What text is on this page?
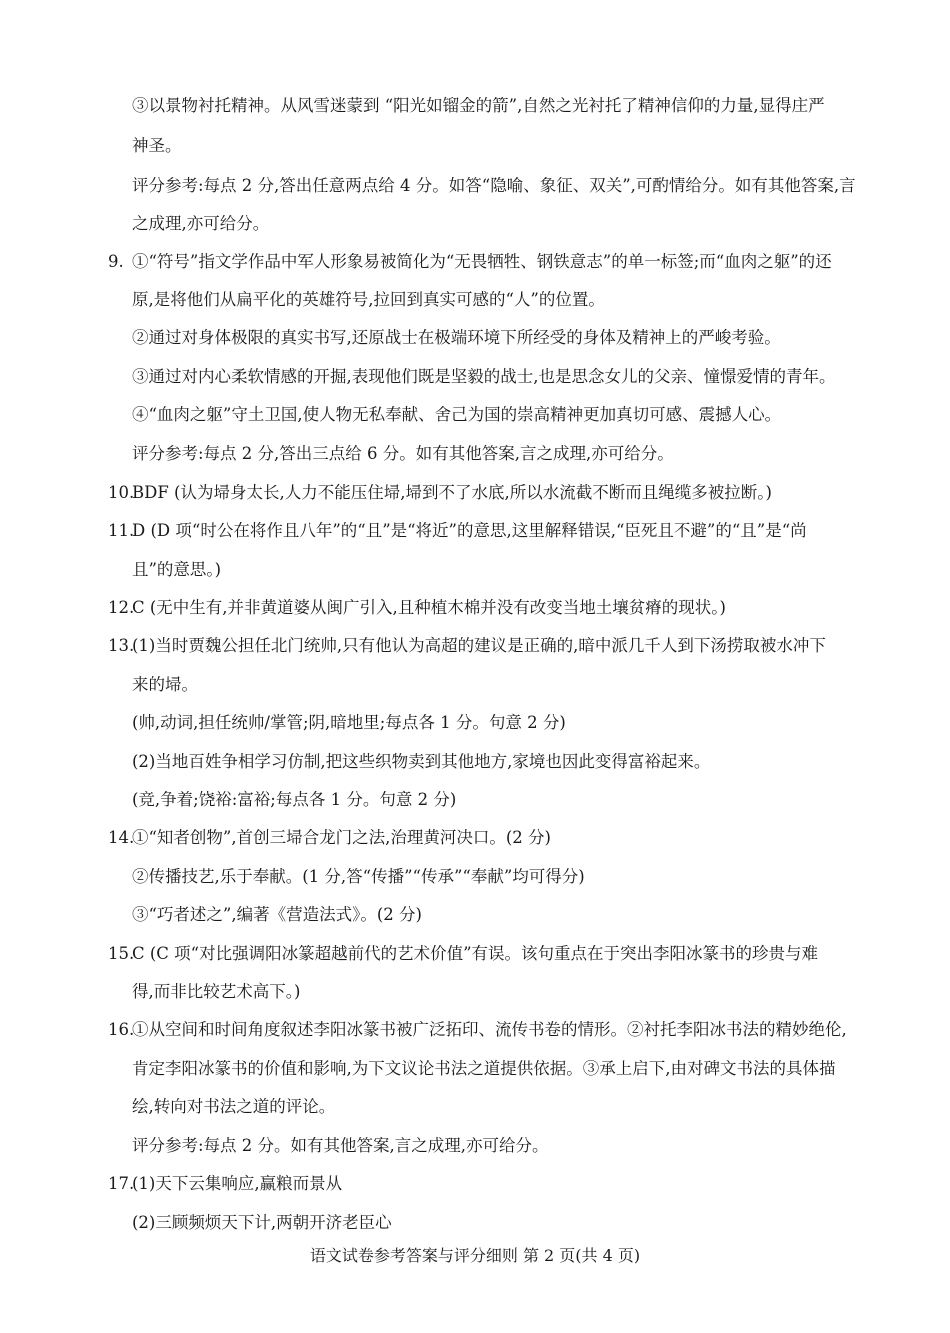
③以景物衬托精神。从风雪迷蒙到 “阳光如镏金的箭”,自然之光衬托了精神信仰的力量,显得庄严
神圣。
评分参考:每点 2 分,答出任意两点给 4 分。如答“隐喻、象征、双关”,可酌情给分。如有其他答案,言
之成理,亦可给分。
9. ①“符号”指文学作品中军人形象易被简化为“无畏牺牲、钢铁意志”的单一标签;而“血肉之躯”的还
原,是将他们从扁平化的英雄符号,拉回到真实可感的“人”的位置。
②通过对身体极限的真实书写,还原战士在极端环境下所经受的身体及精神上的严峻考验。
③通过对内心柔软情感的开掘,表现他们既是坚毅的战士,也是思念女儿的父亲、憧憬爱情的青年。
④“血肉之躯”守土卫国,使人物无私奉献、舍己为国的崇高精神更加真切可感、震撼人心。
评分参考:每点 2 分,答出三点给 6 分。如有其他答案,言之成理,亦可给分。
10.
BDF (认为埽身太长,人力不能压住埽,埽到不了水底,所以水流截不断而且绳缆多被拉断。)
11.
D (D 项“时公在将作且八年”的“且”是“将近”的意思,这里解释错误,“臣死且不避”的“且”是“尚
且”的意思。)
12.
C (无中生有,并非黄道婆从闽广引入,且种植木棉并没有改变当地土壤贫瘠的现状。)
13.
(1)当时贾魏公担任北门统帅,只有他认为高超的建议是正确的,暗中派几千人到下汤捞取被水冲下
来的埽。
(帅,动词,担任统帅/掌管;阴,暗地里;每点各 1 分。句意 2 分)
(2)当地百姓争相学习仿制,把这些织物卖到其他地方,家境也因此变得富裕起来。
(竞,争着;饶裕:富裕;每点各 1 分。句意 2 分)
14.
①“知者创物”,首创三埽合龙门之法,治理黄河决口。(2 分)
②传播技艺,乐于奉献。(1 分,答“传播”“传承”“奉献”均可得分)
③“巧者述之”,编著《营造法式》。(2 分)
15.
C (C 项“对比强调阳冰篆超越前代的艺术价值”有误。该句重点在于突出李阳冰篆书的珍贵与难
得,而非比较艺术高下。)
16.
①从空间和时间角度叙述李阳冰篆书被广泛拓印、流传书卷的情形。②衬托李阳冰书法的精妙绝伦,
肯定李阳冰篆书的价值和影响,为下文议论书法之道提供依据。③承上启下,由对碑文书法的具体描
绘,转向对书法之道的评论。
评分参考:每点 2 分。如有其他答案,言之成理,亦可给分。
17.
(1)天下云集响应,赢粮而景从
(2)三顾频烦天下计,两朝开济老臣心
语文试卷参考答案与评分细则 第 2 页(共 4 页)
